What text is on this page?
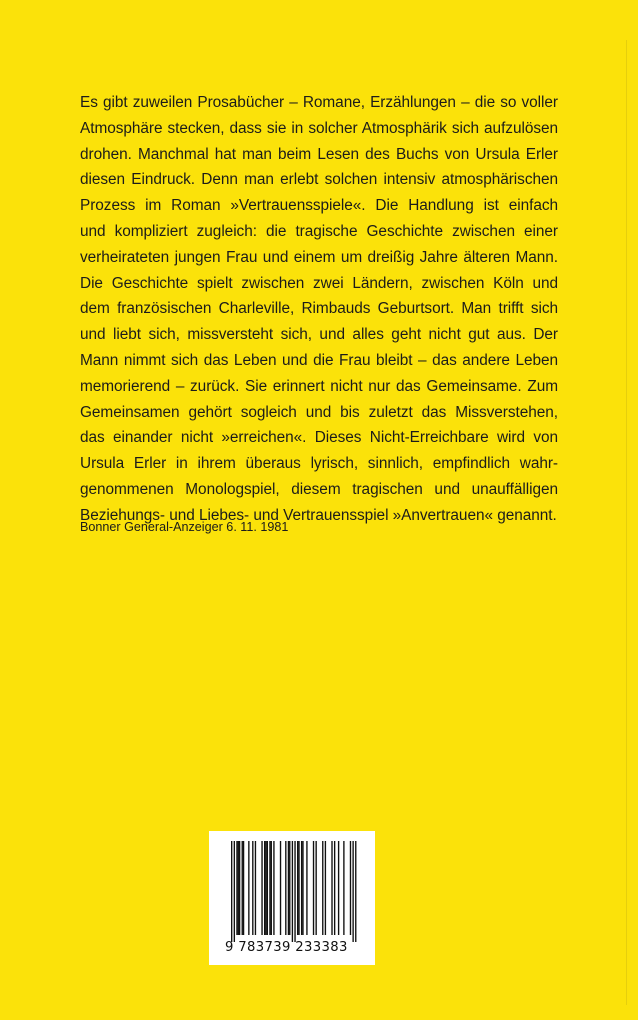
Es gibt zuweilen Prosabücher – Romane, Erzählungen – die so voller
Atmosphäre stecken, dass sie in solcher Atmosphärik sich aufzulösen
drohen. Manchmal hat man beim Lesen des Buchs von Ursula Erler
diesen Eindruck. Denn man erlebt solchen intensiv atmosphärischen
Prozess im Roman »Vertrauensspiele«. Die Handlung ist einfach
und kompliziert zugleich: die tragische Geschichte zwischen einer
verheirateten jungen Frau und einem um dreißig Jahre älteren Mann.
Die Geschichte spielt zwischen zwei Ländern, zwischen Köln und
dem französischen Charleville, Rimbauds Geburtsort. Man trifft sich
und liebt sich, missversteht sich, und alles geht nicht gut aus. Der
Mann nimmt sich das Leben und die Frau bleibt – das andere Leben
memorierend – zurück. Sie erinnert nicht nur das Gemeinsame. Zum
Gemeinsamen gehört sogleich und bis zuletzt das Missverstehen,
das einander nicht »erreichen«. Dieses Nicht-Erreichbare wird von
Ursula Erler in ihrem überaus lyrisch, sinnlich, empfindlich wahr-
genommenen Monologspiel, diesem tragischen und unauffälligen
Beziehungs- und Liebes- und Vertrauensspiel »Anvertrauen« genannt.
Bonner General-Anzeiger 6. 11. 1981
9 783739 233383
